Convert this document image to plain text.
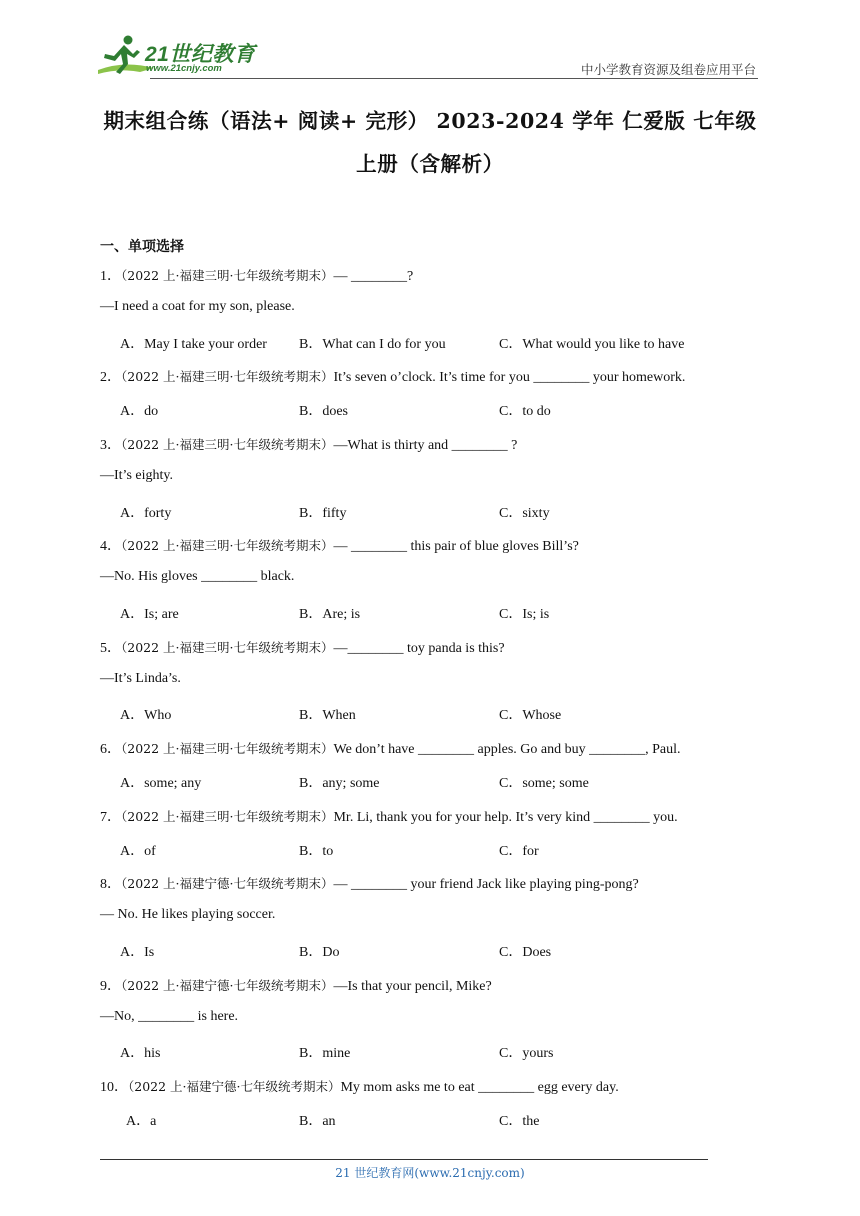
21世纪教育
www.21cnjy.com	中小学教育资源及组卷应用平台
期末组合练（语法+ 阅读+ 完形） 2023-2024 学年 仁爱版 七年级上册（含解析）
一、单项选择
1．（2022 上·福建三明·七年级统考期末）— ________?
—I need a coat for my son, please.
A．May I take your order B．What can I do for you	C．What would you like to have
2．（2022 上·福建三明·七年级统考期末）It’s seven o’clock. It’s time for you ________ your homework.
A．do	B．does	C．to do
3．（2022 上·福建三明·七年级统考期末）—What is thirty and ________ ?
—It’s eighty.
A．forty	B．fifty	C．sixty
4．（2022 上·福建三明·七年级统考期末）— ________ this pair of blue gloves Bill’s?
—No. His gloves ________ black.
A．Is; are	B．Are; is	C．Is; is
5．（2022 上·福建三明·七年级统考期末）—________ toy panda is this?
—It’s Linda’s.
A．Who	B．When	C．Whose
6．（2022 上·福建三明·七年级统考期末）We don’t have ________ apples. Go and buy ________, Paul.
A．some; any	B．any; some	C．some; some
7．（2022 上·福建三明·七年级统考期末）Mr. Li, thank you for your help. It’s very kind ________ you.
A．of	B．to	C．for
8．（2022 上·福建宁德·七年级统考期末）— ________ your friend Jack like playing ping-pong?
— No. He likes playing soccer.
A．Is	B．Do	C．Does
9．（2022 上·福建宁德·七年级统考期末）—Is that your pencil, Mike?
—No, ________ is here.
A．his	B．mine	C．yours
10．（2022 上·福建宁德·七年级统考期末）My mom asks me to eat ________ egg every day.
A．a	B．an	C．the
21 世纪教育网(www.21cnjy.com)
